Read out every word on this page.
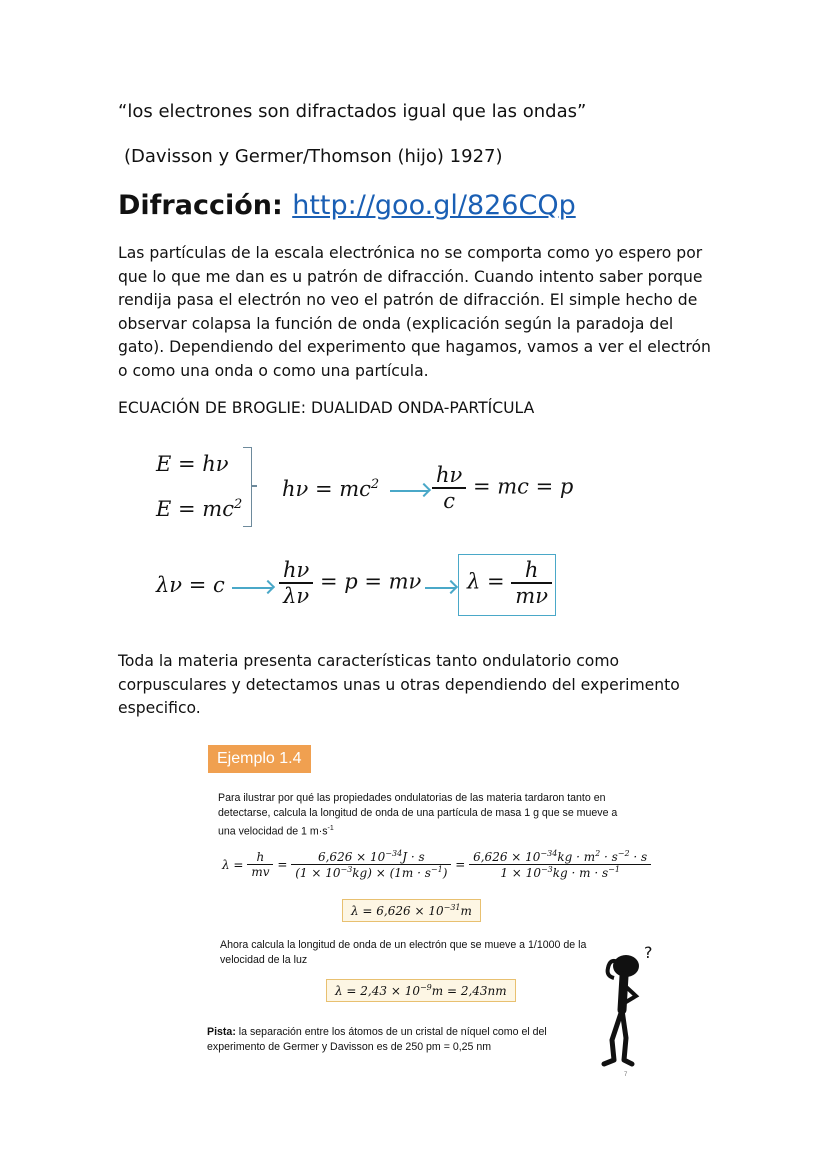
“los electrones son difractados igual que las ondas”
(Davisson y Germer/Thomson (hijo) 1927)
Difracción: http://goo.gl/826CQp
Las partículas de la escala electrónica no se comporta como yo espero por que lo que me dan es u patrón de difracción. Cuando intento saber porque rendija pasa el electrón no veo el patrón de difracción. El simple hecho de observar colapsa la función de onda (explicación según la paradoja del gato). Dependiendo del experimento que hagamos, vamos a ver el electrón o como una onda o como una partícula.
ECUACIÓN DE BROGLIE: DUALIDAD ONDA-PARTÍCULA
E = hν
$E = mc^2$
$h\nu = mc^2$	$\frac{h\nu}{c}$ = mc = p
λν = c	$\frac{h\nu}{\lambda\nu} = p = m\nu$ $\lambda = \frac{h}{m\nu}$
Toda la materia presenta características tanto ondulatorio como corpusculares y detectamos unas u otras dependiendo del experimento especifico.
Ejemplo 1.4
Para ilustrar por qué las propiedades ondulatorias de las materia tardaron tanto en detectarse, calcula la longitud de onda de una partícula de masa 1 g que se mueve a una velocidad de 1 $m\cdot s^{-1}$
$\lambda = \frac{h}{mv} = \frac{6,626 \times 10^{-34}J \cdot s}{(1 \times 10^{-3}kg) \times (1m \cdot s^{-1})} = \frac{6,626 \times 10^{-34}kg \cdot m^2 \cdot s^{-2} \cdot s}{1 \times 10^{-3}kg \cdot m \cdot s^{-1}}$
$\lambda = 6,626 \times 10^{-31}m$
Ahora calcula la longitud de onda de un electrón que se mueve a 1/1000 de la velocidad de la luz
$\lambda = 2,43 \times 10^{-9}m = 2,43nm$
Pista: la separación entre los átomos de un cristal de níquel como el del experimento de Germer y Davisson es de 250 pm = 0,25 nm
?
7
